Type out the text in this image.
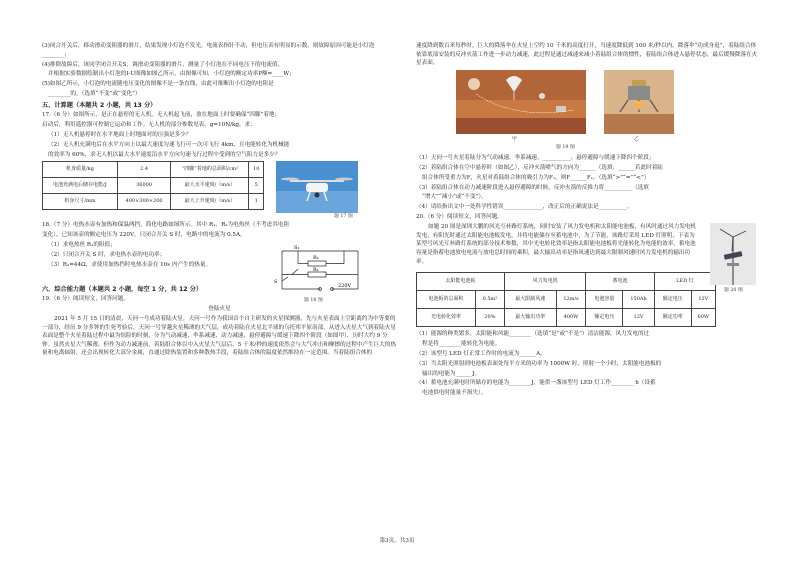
(3)闭合开关后，移动滑动变阻器的滑片，结果发现小灯泡不发光，电流表指针不动，但电压表有明显的示数，则故障原因可能是小灯泡________；

(4)排除故障后，该同学闭合开关S，调滑动变阻器的滑片，测量了小灯泡在不同电压下的电流值，

并根据实验数据绘制出小灯泡的I-U图像如图乙所示，由图像可知，小灯泡的额定功率P额=____W；

(5)如图乙所示，小灯泡的电流随电压变化的图像不是一条直线，由此可推断出小灯泡的电阻是

________的。（选填“不变”或“变化”）

五、计算题（本题共 2 小题，共 13 分）

17.（6 分）如图所示，是正在悬停的无人机。无人机起飞前，放在地面上时要确保“四脚”着地；

启动后，利用遥控器可控制它运动和工作。无人机的部分参数见表。g=10N/kg，求：

（1）无人机悬停时在水平地面上时地面对的压强是多少？

（2）无人机充满电后在水平方向上以最大速度匀速飞行可一次可飞行 4km，且电能转化为机械能

的效率为 60%，求无人机以最大水平速度沿水平方向匀速飞行过程中受到的空气阻力是多少？

机身质量/kg	2.4	“四脚”着地的总面积/cm²	10
电池充满电后储存电能/J	36000	最大水平速度/（m/s）	5
机身尺寸/mm	400×300×200	最大上升速度/（m/s）	1
题 17 图

18.（7 分）电热水壶有加热和保温两挡，简化电路如图所示。其中 R₁、R₂为电热丝（不考虑其电阻

变化），已知该壶的额定电压为 220V，只闭合开关 S 时，电路中的电流为 0.5A。

（1）求电热丝 R₁的阻值；

（2）只闭合开关 S 时，求电热水壶的电功率；

（3）R₂=44Ω，求使用加热挡时电热水壶在 10s 内产生的热量。

S₁
R₂
R₁
S
220V
题 18 图
六、综合能力题（本题共 2 小题，每空 1 分，共 12 分）

19.（6 分）阅读短文，回答问题。

登陆火星

2021 年 5 月 15 日的清晨，天问一号成功着陆火星。天问一号作为我国首个自主研发的火星探测器，先与火星表面上空距离约为中等要的一部分，经历 9 分多钟的生死考验后，天问一号穿越火星稀薄的大气层，成功着陆在火星北半球的乌托邦平原南部。从进入火星大气到着陆火星表面是整个火星着陆过程中最为惊险的时刻，分为气动减速、伞系减速、动力减速、悬停避障与缓速下降四个阶段（如图甲），历时大约 9 分钟。虽然火星大气稀薄，但作为动力减速前，着陆组合体以中入火星大气层后，5 千米/秒的速度依然会与大气冲击和摩擦的过程中产生巨大的热量和电离辐射，还会出现转化大部分金属，直通过除热装置和多种散热手段，着陆组合体的温度依然维持在一定范围。当着陆组合体的

速度降到数百米每秒时，巨大的降落伞在火星上空约 10 千米的高度打开，当速度降低到 100 米/秒以内，降落伞“功成身退”，着陆组合体依靠底部安装的反冲火箭工作进一步动力减速，此过程是通过减速来减小着陆组合体的惯性，着陆组合体进入悬停状态，最后缓慢降落在火星表面。

甲	乙
题 19 图

（1）天问一号火星着陆分为气动减速、伞系减速、__________、悬停避障与缓速下降四个阶段；

（2）着陆组合体在空中悬停时（如图乙），反冲火箭喷气的方向为______（选填：______若此时着陆

组合体所受重力为F，火星对着陆组合体的吸引力为F₁，则F______F₁。（选填“>”“=”“<”）

（3）着陆组合体在动力减速阶段进入悬停避障的时候，反冲火箭的反推力将__________（选填

“增大”“减小”或“不变”）。

（4）请给指出文中一处科学性错误______________，改正后的正确说法是__________。

20.（6 分）阅读短文，回答问题。

如题 20 图是深圳大鹏的风光互补路灯系统，同时安装了风力发电机和太阳能电池板，有风时通过风力发电机发电，有阳光时通过太阳能电池板发电，并将电能储存至蓄电池中，为了节能，该路灯采用 LED 灯照明，下表为某型号风光互补路灯系统的部分技术参数，其中光电转化效率是指太阳能电池板将光能转化为电能的效率，蓄电池容量是指蓄电池放电电流与放电总时间的乘积，最大输出功率是指风速达到最大限制风速时风力发电机的输出功率。

题 20 图
太阳能电池板		风力发电机		蓄电池		LED 灯	
电池板的总面积	0.5m²	最大限制风速	12m/s	电池容量	150Ah	额定电压	12V
光电转化效率	20%	最大输出功率	400W	额定电压	12V	额定功率	60W

（1）能源的种类繁多，太阳能和风能________（选填“是”或“不是”）清洁能源，风力发电的过

程是将________能转化为电能。

（2）该型号 LED 灯正常工作时的电流为______A。

（3）当太阳光照射到电池板表面处每平方米的功率为 1000W 时，照射一个小时，太阳能电池板的

输出的电能为______J。

（4）蓄电池充满电时所储存的电能为________J，能供一盏该型号 LED 灯工作________ h（设蓄

电池供电时能量不损失）。

第3页，共3页
